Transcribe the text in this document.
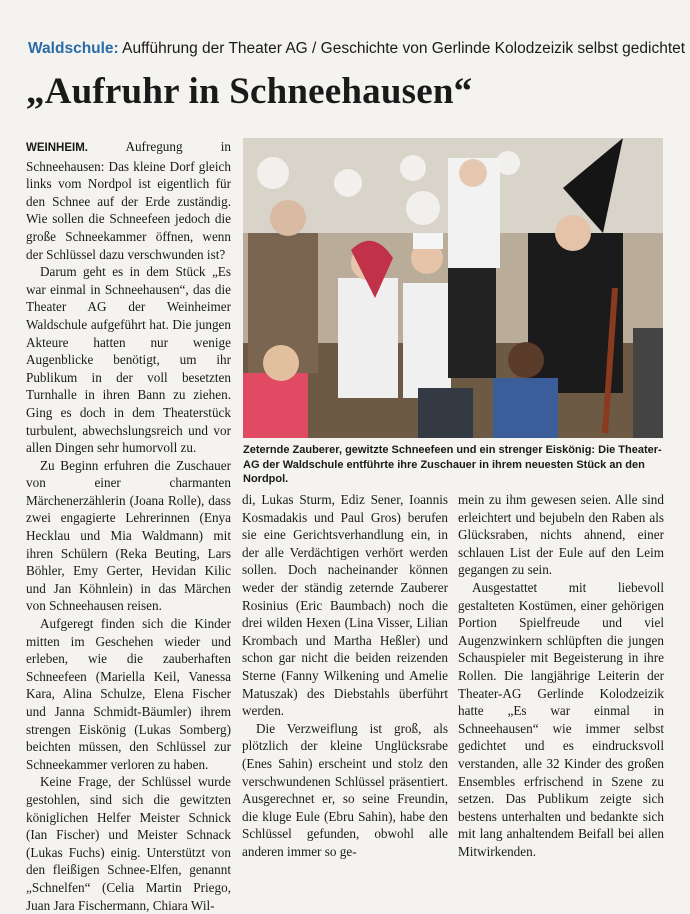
Waldschule: Aufführung der Theater AG / Geschichte von Gerlinde Kolodzeizik selbst gedichtet
„Aufruhr in Schneehausen“

WEINHEIM.	Aufregung in Schneehausen: Das kleine Dorf gleich links vom Nordpol ist eigentlich für den Schnee auf der Erde zuständig. Wie sollen die Schneefeen jedoch die große Schneekammer öffnen, wenn der Schlüssel dazu verschwunden ist?

Darum geht es in dem Stück „Es war einmal in Schneehausen“, das die Theater AG der Weinheimer Waldschule aufgeführt hat. Die jungen Akteure hatten nur wenige Augenblicke benötigt, um ihr Publikum in der voll besetzten Turnhalle in ihren Bann zu ziehen. Ging es doch in dem Theaterstück turbulent, abwechslungsreich und vor allen Dingen sehr humorvoll zu.

Zu Beginn erfuhren die Zuschauer von einer charmanten Märchenerzählerin (Joana Rolle), dass zwei engagierte Lehrerinnen (Enya Hecklau und Mia Waldmann) mit ihren Schülern (Reka Beuting, Lars Böhler, Emy Gerter, Hevidan Kilic und Jan Köhnlein) in das Märchen von Schneehausen reisen.

Aufgeregt finden sich die Kinder mitten im Geschehen wieder und erleben, wie die zauberhaften Schneefeen (Mariella Keil, Vanessa Kara, Alina Schulze, Elena Fischer und Janna Schmidt-Bäumler) ihrem strengen Eiskönig (Lukas Somberg) beichten müssen, den Schlüssel zur Schneekammer verloren zu haben.

Keine Frage, der Schlüssel wurde gestohlen, sind sich die gewitzten königlichen Helfer Meister Schnick (Ian Fischer) und Meister Schnack (Lukas Fuchs) einig. Unterstützt von den fleißigen Schnee-Elfen, genannt „Schnelfen“ (Celia Martin Priego, Juan Jara Fischermann, Chiara Wil-

Zeternde Zauberer, gewitzte Schneefeen und ein strenger Eiskönig: Die Theater-AG der Waldschule entführte ihre Zuschauer in ihrem neuesten Stück an den Nordpol.

di, Lukas Sturm, Ediz Sener, Ioannis Kosmadakis und Paul Gros) berufen sie eine Gerichtsverhandlung ein, in der alle Verdächtigen verhört werden sollen. Doch nacheinander können weder der ständig zeternde Zauberer Rosinius (Eric Baumbach) noch die drei wilden Hexen (Lina Visser, Lilian Krombach und Martha Heßler) und schon gar nicht die beiden reizenden Sterne (Fanny Wilkening und Amelie Matuszak) des Diebstahls überführt werden.

Die Verzweiflung ist groß, als plötzlich der kleine Unglücksrabe (Enes Sahin) erscheint und stolz den verschwundenen Schlüssel präsentiert. Ausgerechnet er, so seine Freundin, die kluge Eule (Ebru Sahin), habe den Schlüssel gefunden, obwohl alle anderen immer so ge-

mein zu ihm gewesen seien. Alle sind erleichtert und bejubeln den Raben als Glücksraben, nichts ahnend, einer schlauen List der Eule auf den Leim gegangen zu sein.

Ausgestattet mit liebevoll gestalteten Kostümen, einer gehörigen Portion Spielfreude und viel Augenzwinkern schlüpften die jungen Schauspieler mit Begeisterung in ihre Rollen. Die langjährige Leiterin der Theater-AG Gerlinde Kolodzeizik hatte „Es war einmal in Schneehausen“ wie immer selbst gedichtet und es eindrucksvoll verstanden, alle 32 Kinder des großen Ensembles erfrischend in Szene zu setzen. Das Publikum zeigte sich bestens unterhalten und bedankte sich mit lang anhaltendem Beifall bei allen Mitwirkenden.
